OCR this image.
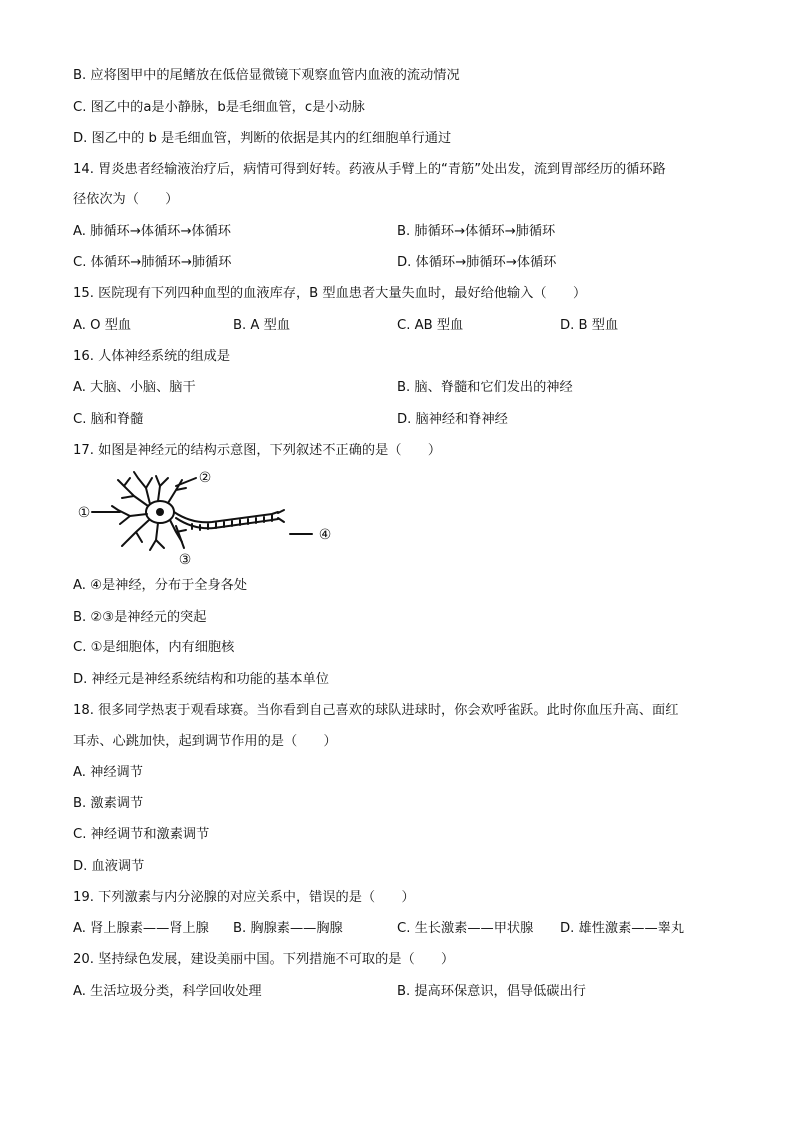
B. 应将图甲中的尾鳍放在低倍显微镜下观察血管内血液的流动情况
C. 图乙中的a是小静脉，b是毛细血管，c是小动脉
D. 图乙中的 b 是毛细血管，判断的依据是其内的红细胞单行通过
14. 胃炎患者经输液治疗后，病情可得到好转。药液从手臂上的“青筋”处出发，流到胃部经历的循环路
径依次为（　　）
A. 肺循环→体循环→体循环	B. 肺循环→体循环→肺循环
C. 体循环→肺循环→肺循环	D. 体循环→肺循环→体循环
15. 医院现有下列四种血型的血液库存，B 型血患者大量失血时，最好给他输入（　　）
A. O 型血	B. A 型血	C. AB 型血	D. B 型血
16. 人体神经系统的组成是
A. 大脑、小脑、脑干	B. 脑、脊髓和它们发出的神经
C. 脑和脊髓	D. 脑神经和脊神经
17. 如图是神经元的结构示意图，下列叙述不正确的是（　　）
①
②
③
④
A. ④是神经，分布于全身各处
B. ②③是神经元的突起
C. ①是细胞体，内有细胞核
D. 神经元是神经系统结构和功能的基本单位
18. 很多同学热衷于观看球赛。当你看到自己喜欢的球队进球时，你会欢呼雀跃。此时你血压升高、面红
耳赤、心跳加快，起到调节作用的是（　　）
A. 神经调节
B. 激素调节
C. 神经调节和激素调节
D. 血液调节
19. 下列激素与内分泌腺的对应关系中，错误的是（　　）
A. 肾上腺素——肾上腺 B. 胸腺素——胸腺	C. 生长激素——甲状腺 D. 雄性激素——睾丸
20. 坚持绿色发展，建设美丽中国。下列措施不可取的是（　　）
A. 生活垃圾分类，科学回收处理	B. 提高环保意识，倡导低碳出行
